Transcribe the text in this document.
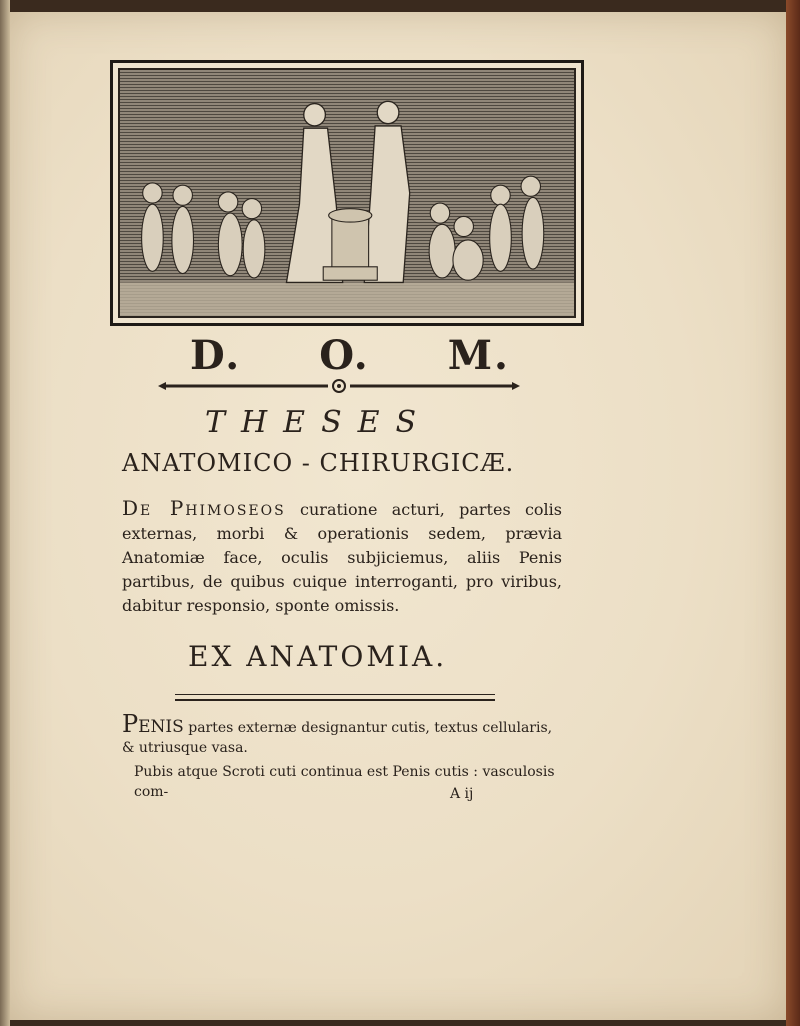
D. O. M.
THESES
ANATOMICO - CHIRURGICÆ.
De Phimoseos curatione acturi, partes colis externas, morbi & operationis sedem, prævia Anatomiæ face, oculis subjiciemus, aliis Penis partibus, de quibus cuique interroganti, pro viribus, dabitur responsio, sponte omissis.
EX ANATOMIA.
Penis partes externæ designantur cutis, textus cellularis, & utriusque vasa.
Pubis atque Scroti cuti continua est Penis cutis : vasculosis com-	A ij
